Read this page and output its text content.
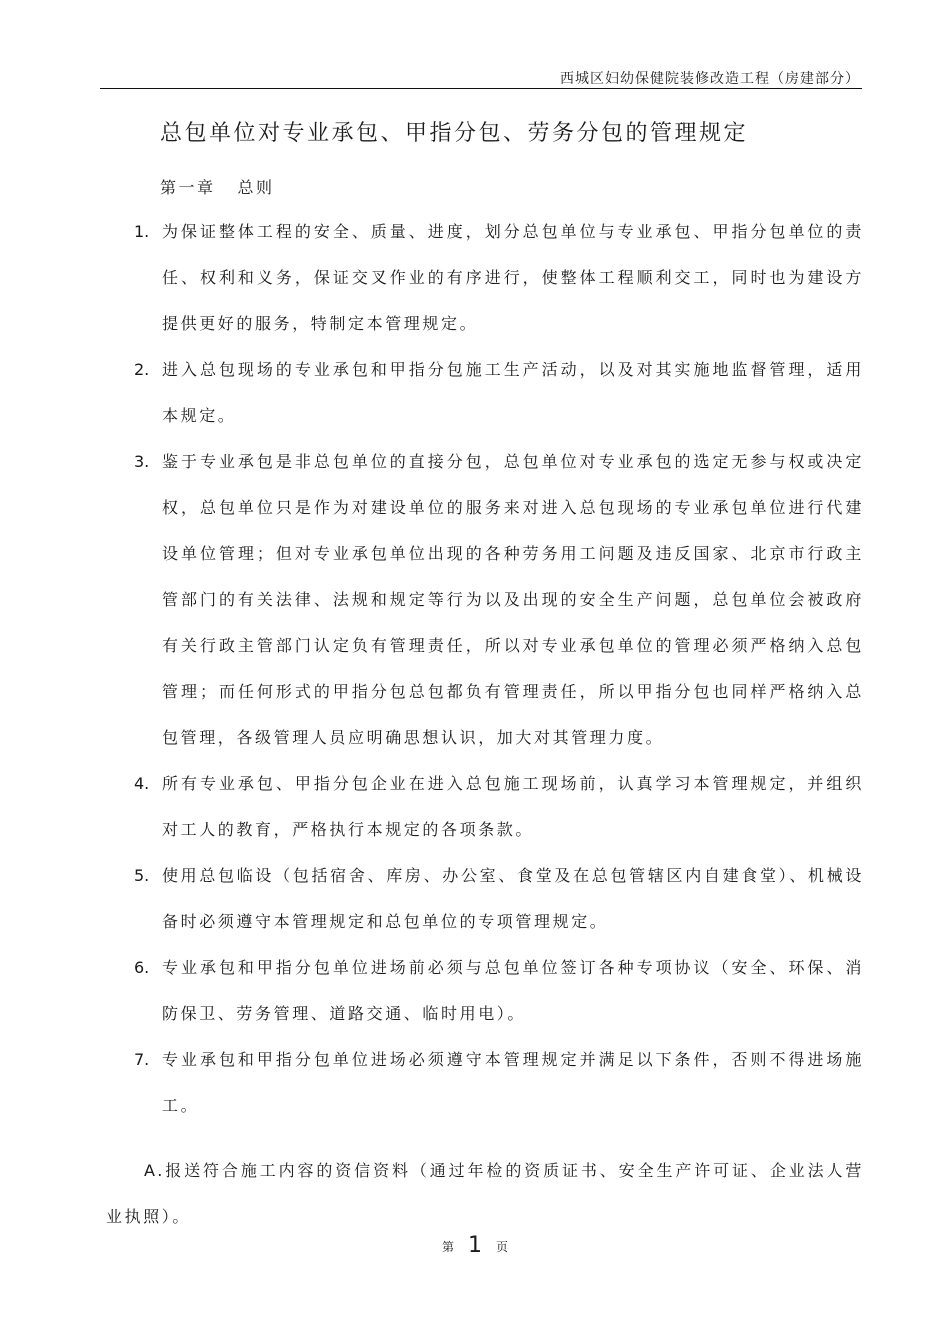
西城区妇幼保健院装修改造工程（房建部分）
总包单位对专业承包、甲指分包、劳务分包的管理规定
第一章 总则
1. 为保证整体工程的安全、质量、进度，划分总包单位与专业承包、甲指分包单位的责任、权利和义务，保证交叉作业的有序进行，使整体工程顺利交工，同时也为建设方提供更好的服务，特制定本管理规定。
2. 进入总包现场的专业承包和甲指分包施工生产活动，以及对其实施地监督管理，适用本规定。
3. 鉴于专业承包是非总包单位的直接分包，总包单位对专业承包的选定无参与权或决定权，总包单位只是作为对建设单位的服务来对进入总包现场的专业承包单位进行代建设单位管理；但对专业承包单位出现的各种劳务用工问题及违反国家、北京市行政主管部门的有关法律、法规和规定等行为以及出现的安全生产问题，总包单位会被政府有关行政主管部门认定负有管理责任，所以对专业承包单位的管理必须严格纳入总包管理；而任何形式的甲指分包总包都负有管理责任，所以甲指分包也同样严格纳入总包管理，各级管理人员应明确思想认识，加大对其管理力度。
4. 所有专业承包、甲指分包企业在进入总包施工现场前，认真学习本管理规定，并组织对工人的教育，严格执行本规定的各项条款。
5. 使用总包临设（包括宿舍、库房、办公室、食堂及在总包管辖区内自建食堂）、机械设备时必须遵守本管理规定和总包单位的专项管理规定。
6. 专业承包和甲指分包单位进场前必须与总包单位签订各种专项协议（安全、环保、消防保卫、劳务管理、道路交通、临时用电）。
7. 专业承包和甲指分包单位进场必须遵守本管理规定并满足以下条件，否则不得进场施工。

A.报送符合施工内容的资信资料（通过年检的资质证书、安全生产许可证、企业法人营业执照）。

第 1 页
